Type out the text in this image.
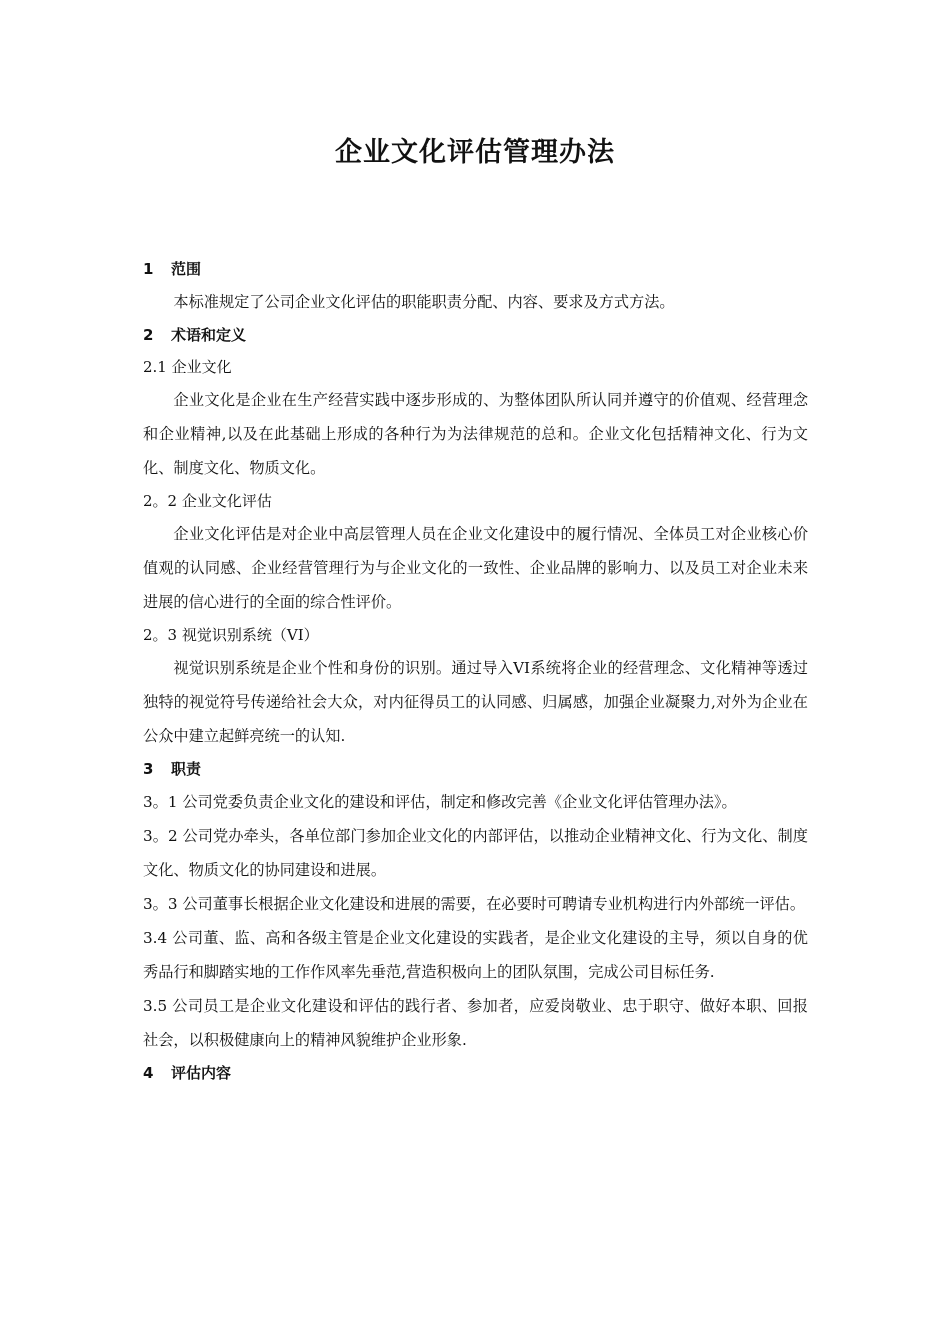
企业文化评估管理办法
1 范围
本标准规定了公司企业文化评估的职能职责分配、内容、要求及方式方法。
2 术语和定义
2.1 企业文化
企业文化是企业在生产经营实践中逐步形成的、为整体团队所认同并遵守的价值观、经营理念和企业精神,以及在此基础上形成的各种行为为法律规范的总和。企业文化包括精神文化、行为文化、制度文化、物质文化。
2。2 企业文化评估
企业文化评估是对企业中高层管理人员在企业文化建设中的履行情况、全体员工对企业核心价值观的认同感、企业经营管理行为与企业文化的一致性、企业品牌的影响力、以及员工对企业未来进展的信心进行的全面的综合性评价。
2。3 视觉识别系统（VI）
视觉识别系统是企业个性和身份的识别。通过导入VI系统将企业的经营理念、文化精神等透过独特的视觉符号传递给社会大众，对内征得员工的认同感、归属感，加强企业凝聚力,对外为企业在公众中建立起鲜亮统一的认知.
3 职责
3。1 公司党委负责企业文化的建设和评估，制定和修改完善《企业文化评估管理办法》。
3。2 公司党办牵头，各单位部门参加企业文化的内部评估，以推动企业精神文化、行为文化、制度文化、物质文化的协同建设和进展。
3。3 公司董事长根据企业文化建设和进展的需要，在必要时可聘请专业机构进行内外部统一评估。
3.4 公司董、监、高和各级主管是企业文化建设的实践者，是企业文化建设的主导，须以自身的优秀品行和脚踏实地的工作作风率先垂范,营造积极向上的团队氛围，完成公司目标任务.
3.5 公司员工是企业文化建设和评估的践行者、参加者，应爱岗敬业、忠于职守、做好本职、回报社会，以积极健康向上的精神风貌维护企业形象.
4 评估内容
